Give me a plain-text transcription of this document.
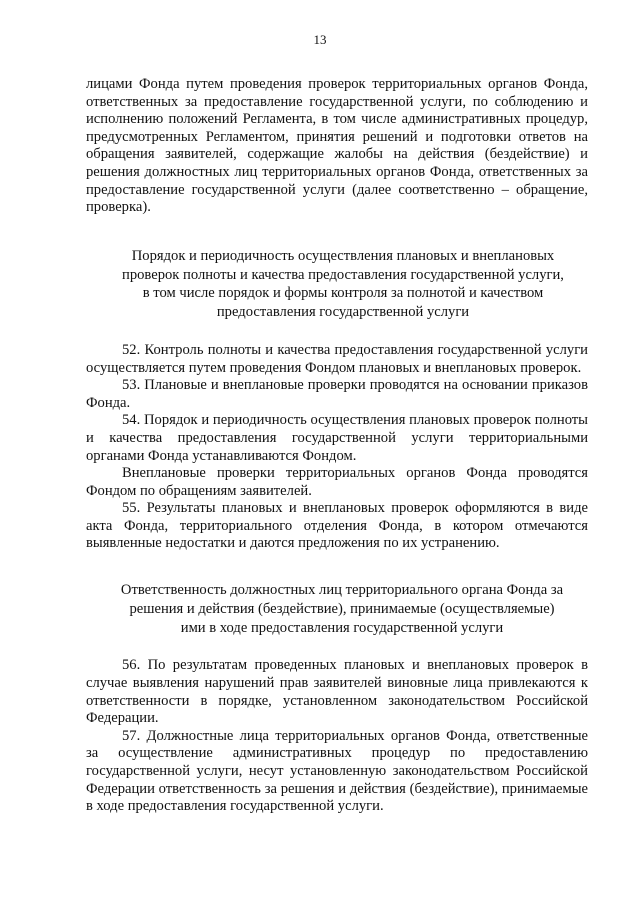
13

лицами Фонда путем проведения проверок территориальных органов Фонда, ответственных за предоставление государственной услуги, по соблюдению и исполнению положений Регламента, в том числе административных процедур, предусмотренных Регламентом, принятия решений и подготовки ответов на обращения заявителей, содержащие жалобы на действия (бездействие) и решения должностных лиц территориальных органов Фонда, ответственных за предоставление государственной услуги (далее соответственно – обращение, проверка).

Порядок и периодичность осуществления плановых и внеплановых проверок полноты и качества предоставления государственной услуги, в том числе порядок и формы контроля за полнотой и качеством предоставления государственной услуги

52. Контроль полноты и качества предоставления государственной услуги осуществляется путем проведения Фондом плановых и внеплановых проверок.

53. Плановые и внеплановые проверки проводятся на основании приказов Фонда.

54. Порядок и периодичность осуществления плановых проверок полноты и качества предоставления государственной услуги территориальными органами Фонда устанавливаются Фондом.

Внеплановые проверки территориальных органов Фонда проводятся Фондом по обращениям заявителей.

55. Результаты плановых и внеплановых проверок оформляются в виде акта Фонда, территориального отделения Фонда, в котором отмечаются выявленные недостатки и даются предложения по их устранению.

Ответственность должностных лиц территориального органа Фонда за решения и действия (бездействие), принимаемые (осуществляемые) ими в ходе предоставления государственной услуги

56. По результатам проведенных плановых и внеплановых проверок в случае выявления нарушений прав заявителей виновные лица привлекаются к ответственности в порядке, установленном законодательством Российской Федерации.

57. Должностные лица территориальных органов Фонда, ответственные за осуществление административных процедур по предоставлению государственной услуги, несут установленную законодательством Российской Федерации ответственность за решения и действия (бездействие), принимаемые в ходе предоставления государственной услуги.
